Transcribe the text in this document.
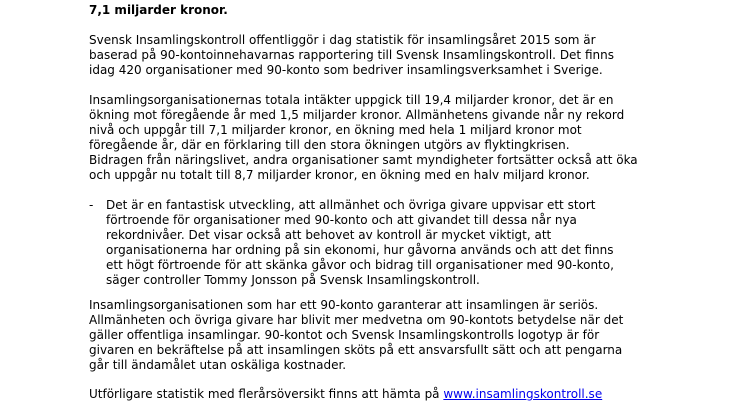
7,1 miljarder kronor.
Svensk Insamlingskontroll offentliggör i dag statistik för insamlingsåret 2015 som är
baserad på 90-kontoinnehavarnas rapportering till Svensk Insamlingskontroll. Det finns
idag 420 organisationer med 90-konto som bedriver insamlingsverksamhet i Sverige.
Insamlingsorganisationernas totala intäkter uppgick till 19,4 miljarder kronor, det är en
ökning mot föregående år med 1,5 miljarder kronor. Allmänhetens givande når ny rekord
nivå och uppgår till 7,1 miljarder kronor, en ökning med hela 1 miljard kronor mot
föregående år, där en förklaring till den stora ökningen utgörs av flyktingkrisen.
Bidragen från näringslivet, andra organisationer samt myndigheter fortsätter också att öka
och uppgår nu totalt till 8,7 miljarder kronor, en ökning med en halv miljard kronor.
- Det är en fantastisk utveckling, att allmänhet och övriga givare uppvisar ett stort
förtroende för organisationer med 90-konto och att givandet till dessa når nya
rekordnivåer. Det visar också att behovet av kontroll är mycket viktigt, att
organisationerna har ordning på sin ekonomi, hur gåvorna används och att det finns
ett högt förtroende för att skänka gåvor och bidrag till organisationer med 90-konto,
säger controller Tommy Jonsson på Svensk Insamlingskontroll.
Insamlingsorganisationen som har ett 90-konto garanterar att insamlingen är seriös.
Allmänheten och övriga givare har blivit mer medvetna om 90-kontots betydelse när det
gäller offentliga insamlingar. 90-kontot och Svensk Insamlingskontrolls logotyp är för
givaren en bekräftelse på att insamlingen sköts på ett ansvarsfullt sätt och att pengarna
går till ändamålet utan oskäliga kostnader.
Utförligare statistik med flerårsöversikt finns att hämta på www.insamlingskontroll.se
